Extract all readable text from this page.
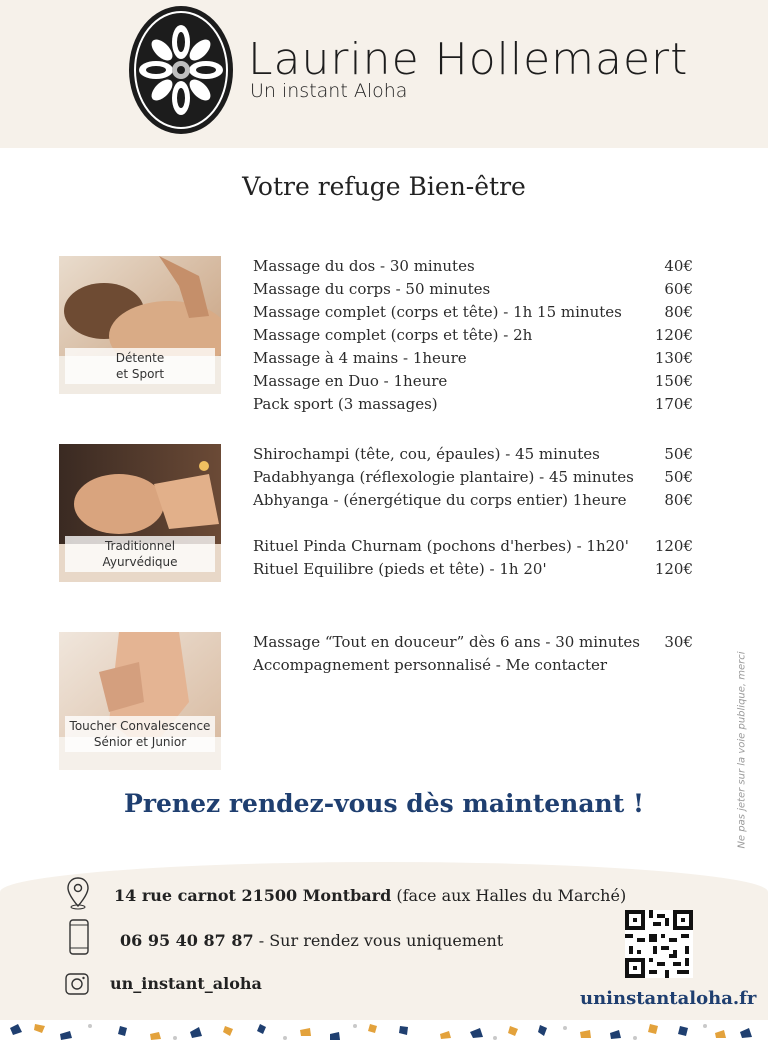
Laurine Hollemaert
Un instant Aloha
Votre refuge Bien-être
Détente
et Sport
Massage du dos - 30 minutes	40€
Massage du corps - 50 minutes	60€
Massage complet (corps et tête) - 1h 15 minutes	80€
Massage complet (corps et tête) - 2h	120€
Massage à 4 mains - 1heure	130€
Massage en Duo - 1heure	150€
Pack sport (3 massages)	170€
Traditionnel
Ayurvédique
Shirochampi (tête, cou, épaules) - 45 minutes	50€
Padabhyanga (réflexologie plantaire) - 45 minutes 50€
Abhyanga - (énergétique du corps entier) 1heure	80€
Rituel Pinda Churnam (pochons d'herbes) - 1h20' 120€
Rituel Equilibre (pieds et tête) - 1h 20'	120€
Toucher Convalescence
Sénior et Junior
Massage “Tout en douceur” dès 6 ans - 30 minutes 30€
Accompagnement personnalisé - Me contacter
Prenez rendez-vous dès maintenant !	Ne pas jeter sur la voie publique, merci
14 rue carnot 21500 Montbard (face aux Halles du Marché)
06 95 40 87 87 - Sur rendez vous uniquement
un_instant_aloha
uninstantaloha.fr
